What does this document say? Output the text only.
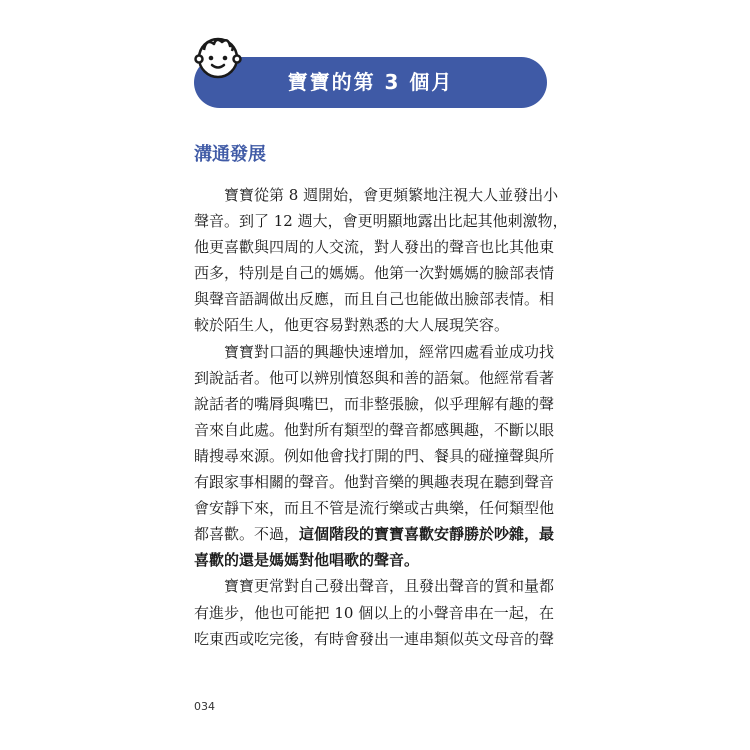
寶寶的第 3 個月
溝通發展
寶寶從第 8 週開始，會更頻繁地注視大人並發出小
聲音。到了 12 週大，會更明顯地露出比起其他刺激物，
他更喜歡與四周的人交流，對人發出的聲音也比其他東
西多，特別是自己的媽媽。他第一次對媽媽的臉部表情
與聲音語調做出反應，而且自己也能做出臉部表情。相
較於陌生人，他更容易對熟悉的大人展現笑容。
寶寶對口語的興趣快速增加，經常四處看並成功找
到說話者。他可以辨別憤怒與和善的語氣。他經常看著
說話者的嘴脣與嘴巴，而非整張臉，似乎理解有趣的聲
音來自此處。他對所有類型的聲音都感興趣，不斷以眼
睛搜尋來源。例如他會找打開的門、餐具的碰撞聲與所
有跟家事相關的聲音。他對音樂的興趣表現在聽到聲音
會安靜下來，而且不管是流行樂或古典樂，任何類型他
都喜歡。不過，這個階段的寶寶喜歡安靜勝於吵雜，最
喜歡的還是媽媽對他唱歌的聲音。
寶寶更常對自己發出聲音，且發出聲音的質和量都
有進步，他也可能把 10 個以上的小聲音串在一起，在
吃東西或吃完後，有時會發出一連串類似英文母音的聲
034
